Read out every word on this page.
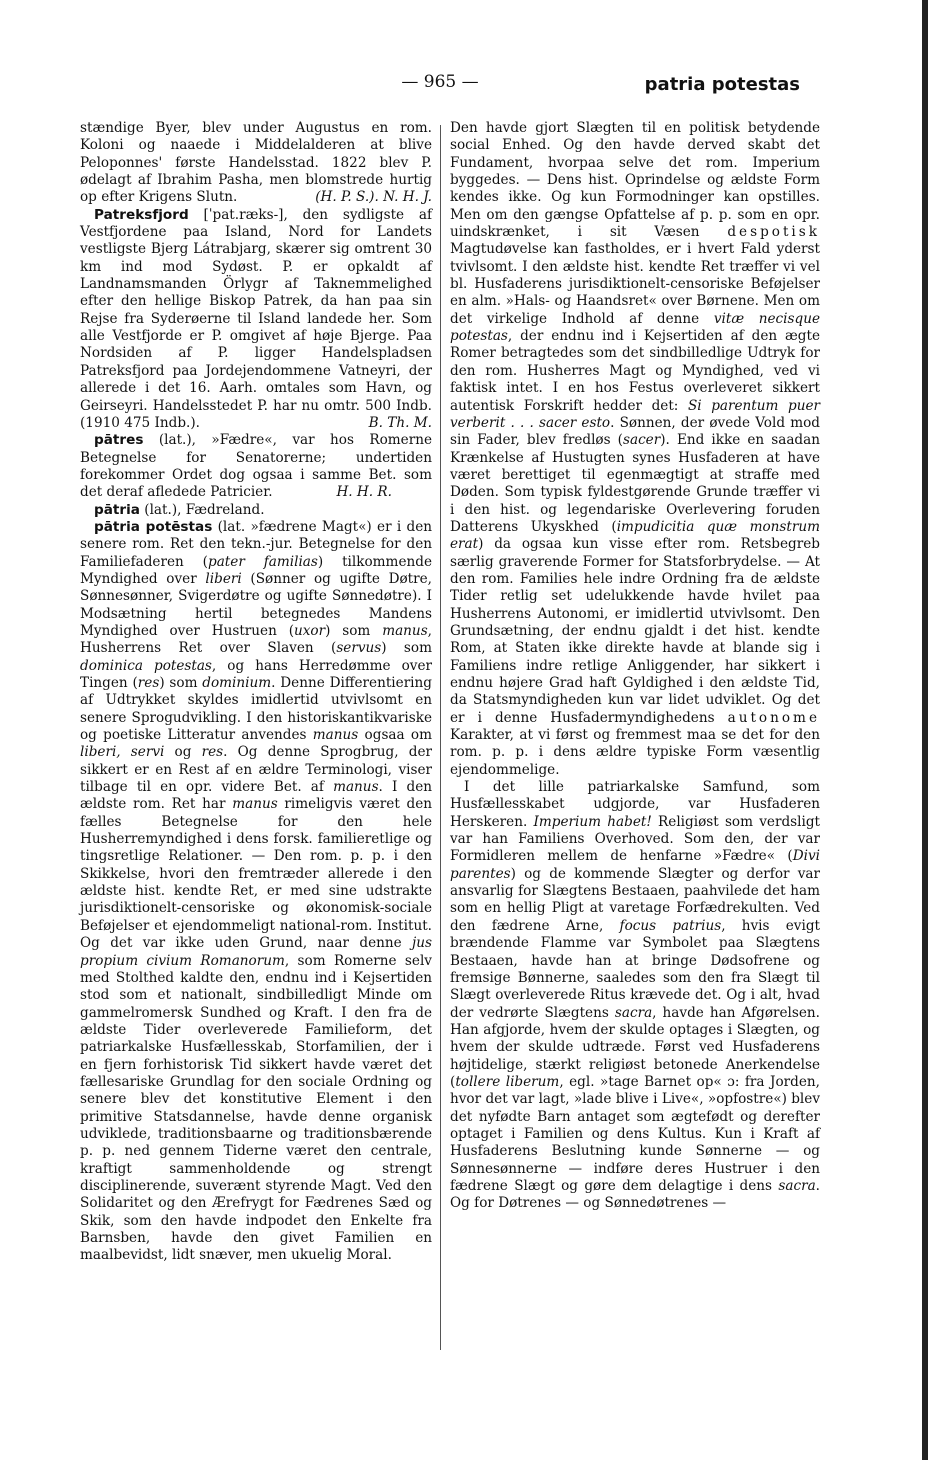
— 965 —	patria potestas

stændige Byer, blev under Augustus en rom. Koloni og naaede i Middelalderen at blive Peloponnes' første Handelsstad. 1822 blev P. ødelagt af Ibrahim Pasha, men blomstrede hurtig op efter Krigens Slutn.	(H. P. S.). N. H. J.

Patreksfjord [ˈpat.ræks-], den sydligste af Vestfjordene paa Island, Nord for Landets vestligste Bjerg Látrabjarg, skærer sig omtrent 30 km ind mod Sydøst. P. er opkaldt af Landnamsmanden Örlygr af Taknemmelighed efter den hellige Biskop Patrek, da han paa sin Rejse fra Syderøerne til Island landede her. Som alle Vestfjorde er P. omgivet af høje Bjerge. Paa Nordsiden af P. ligger Handelspladsen Patreksfjord paa Jordejendommene Vatneyri, der allerede i det 16. Aarh. omtales som Havn, og Geirseyri. Handelsstedet P. har nu omtr. 500 Indb. (1910 475 Indb.).	B. Th. M.

pātres (lat.), »Fædre«, var hos Romerne Betegnelse for Senatorerne; undertiden forekommer Ordet dog ogsaa i samme Bet. som det deraf afledede Patricier.	H. H. R.

pātria (lat.), Fædreland.

pātria potēstas (lat. »fædrene Magt«) er i den senere rom. Ret den tekn.-jur. Betegnelse for den Familiefaderen (pater familias) tilkommende Myndighed over liberi (Sønner og ugifte Døtre, Sønnesønner, Svigerdøtre og ugifte Sønnedøtre). I Modsætning hertil betegnedes Mandens Myndighed over Hustruen (uxor) som manus, Husherrens Ret over Slaven (servus) som dominica potestas, og hans Herredømme over Tingen (res) som dominium. Denne Differentiering af Udtrykket skyldes imidlertid utvivlsomt en senere Sprogudvikling. I den historiskantikvariske og poetiske Litteratur anvendes manus ogsaa om liberi, servi og res. Og denne Sprogbrug, der sikkert er en Rest af en ældre Terminologi, viser tilbage til en opr. videre Bet. af manus. I den ældste rom. Ret har manus rimeligvis været den fælles Betegnelse for den hele Husherremyndighed i dens forsk. familieretlige og tingsretlige Relationer. — Den rom. p. p. i den Skikkelse, hvori den fremtræder allerede i den ældste hist. kendte Ret, er med sine udstrakte jurisdiktionelt-censoriske og økonomisk-sociale Beføjelser et ejendommeligt national-rom. Institut. Og det var ikke uden Grund, naar denne jus propium civium Romanorum, som Romerne selv med Stolthed kaldte den, endnu ind i Kejsertiden stod som et nationalt, sindbilledligt Minde om gammelromersk Sundhed og Kraft. I den fra de ældste Tider overleverede Familieform, det patriarkalske Husfællesskab, Storfamilien, der i en fjern forhistorisk Tid sikkert havde været det fællesariske Grundlag for den sociale Ordning og senere blev det konstitutive Element i den primitive Statsdannelse, havde denne organisk udviklede, traditionsbaarne og traditionsbærende p. p. ned gennem Tiderne været den centrale, kraftigt sammenholdende og strengt disciplinerende, suverænt styrende Magt. Ved den Solidaritet og den Ærefrygt for Fædrenes Sæd og Skik, som den havde indpodet den Enkelte fra Barnsben, havde den givet Familien en maalbevidst, lidt snæver, men ukuelig Moral.

Den havde gjort Slægten til en politisk betydende social Enhed. Og den havde derved skabt det Fundament, hvorpaa selve det rom. Imperium byggedes. — Dens hist. Oprindelse og ældste Form kendes ikke. Og kun Formodninger kan opstilles. Men om den gængse Opfattelse af p. p. som en opr. uindskrænket, i sit Væsen despotisk Magtudøvelse kan fastholdes, er i hvert Fald yderst tvivlsomt. I den ældste hist. kendte Ret træffer vi vel bl. Husfaderens jurisdiktionelt-censoriske Beføjelser en alm. »Hals- og Haandsret« over Børnene. Men om det virkelige Indhold af denne vitæ necisque potestas, der endnu ind i Kejsertiden af den ægte Romer betragtedes som det sindbilledlige Udtryk for den rom. Husherres Magt og Myndighed, ved vi faktisk intet. I en hos Festus overleveret sikkert autentisk Forskrift hedder det: Si parentum puer verberit . . . sacer esto. Sønnen, der øvede Vold mod sin Fader, blev fredløs (sacer). End ikke en saadan Krænkelse af Hustugten synes Husfaderen at have været berettiget til egenmægtigt at straffe med Døden. Som typisk fyldestgørende Grunde træffer vi i den hist. og legendariske Overlevering foruden Datterens Ukyskhed (impudicitia quæ monstrum erat) da ogsaa kun visse efter rom. Retsbegreb særlig graverende Former for Statsforbrydelse. — At den rom. Families hele indre Ordning fra de ældste Tider retlig set udelukkende havde hvilet paa Husherrens Autonomi, er imidlertid utvivlsomt. Den Grundsætning, der endnu gjaldt i det hist. kendte Rom, at Staten ikke direkte havde at blande sig i Familiens indre retlige Anliggender, har sikkert i endnu højere Grad haft Gyldighed i den ældste Tid, da Statsmyndigheden kun var lidet udviklet. Og det er i denne Husfadermyndighedens autonome Karakter, at vi først og fremmest maa se det for den rom. p. p. i dens ældre typiske Form væsentlig ejendommelige.

I det lille patriarkalske Samfund, som Husfællesskabet udgjorde, var Husfaderen Herskeren. Imperium habet! Religiøst som verdsligt var han Familiens Overhoved. Som den, der var Formidleren mellem de henfarne »Fædre« (Divi parentes) og de kommende Slægter og derfor var ansvarlig for Slægtens Bestaaen, paahvilede det ham som en hellig Pligt at varetage Forfædrekulten. Ved den fædrene Arne, focus patrius, hvis evigt brændende Flamme var Symbolet paa Slægtens Bestaaen, havde han at bringe Dødsofrene og fremsige Bønnerne, saaledes som den fra Slægt til Slægt overleverede Ritus krævede det. Og i alt, hvad der vedrørte Slægtens sacra, havde han Afgørelsen. Han afgjorde, hvem der skulde optages i Slægten, og hvem der skulde udtræde. Først ved Husfaderens højtidelige, stærkt religiøst betonede Anerkendelse (tollere liberum, egl. »tage Barnet op« ɔ: fra Jorden, hvor det var lagt, »lade blive i Live«, »opfostre«) blev det nyfødte Barn antaget som ægtefødt og derefter optaget i Familien og dens Kultus. Kun i Kraft af Husfaderens Beslutning kunde Sønnerne — og Sønnesønnerne — indføre deres Hustruer i den fædrene Slægt og gøre dem delagtige i dens sacra. Og for Døtrenes — og Sønnedøtrenes —
